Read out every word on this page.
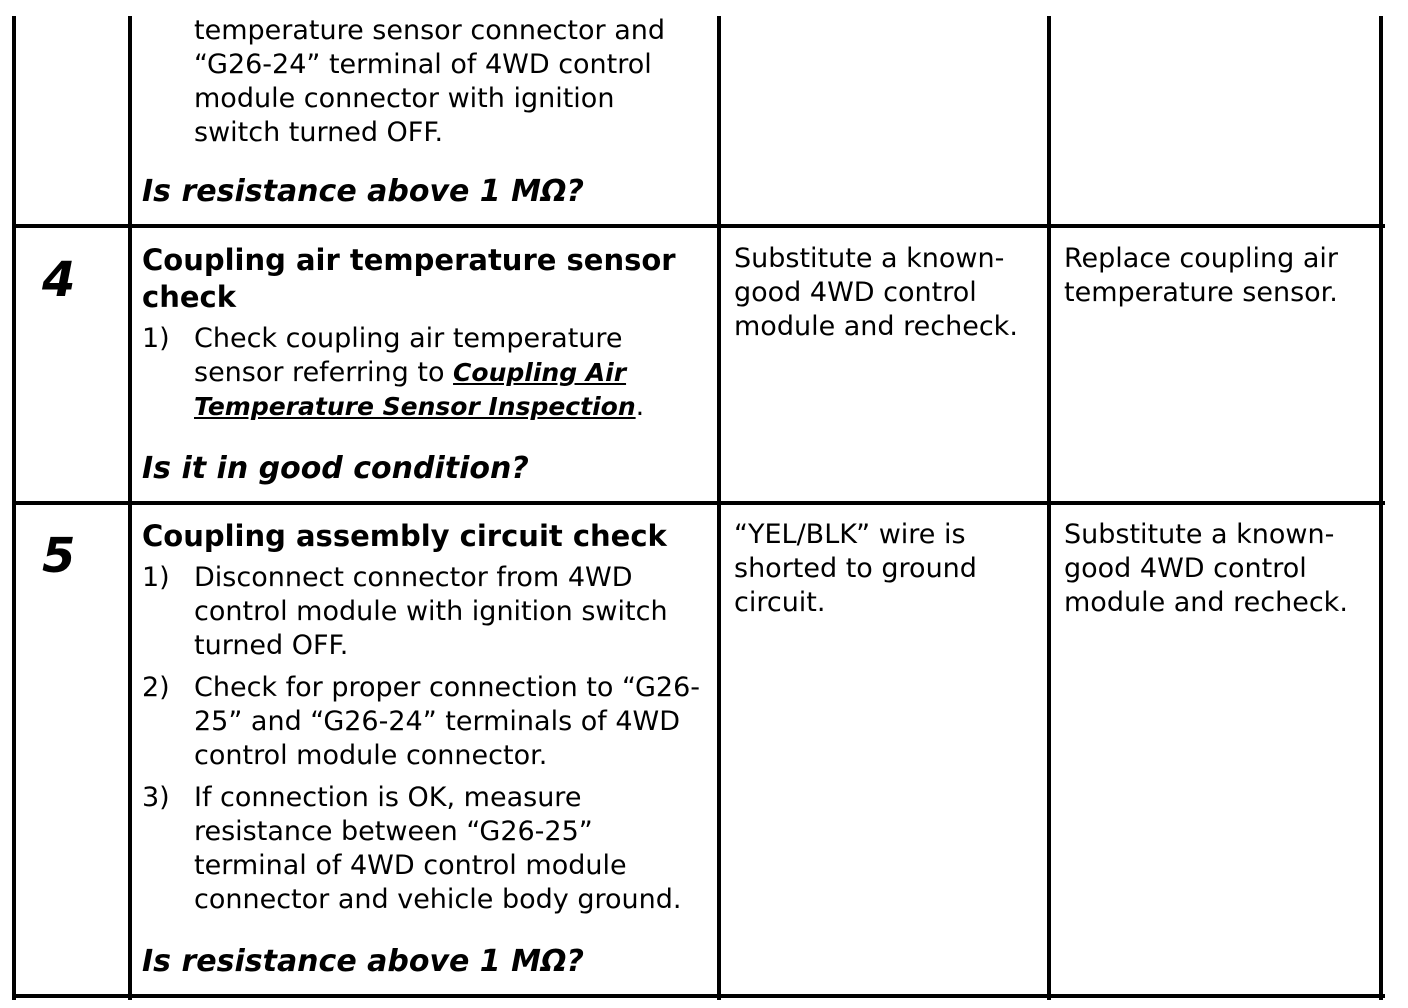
temperature sensor connector and “G26-24” terminal of 4WD control module connector with ignition switch turned OFF.
Is resistance above 1 MΩ?
4 Coupling air temperature sensor check
1) Check coupling air temperature sensor referring to Coupling Air Temperature Sensor Inspection.
Is it in good condition?
Substitute a known-good 4WD control module and recheck.
Replace coupling air temperature sensor.
5 Coupling assembly circuit check
1) Disconnect connector from 4WD control module with ignition switch turned OFF.
2) Check for proper connection to “G26-25” and “G26-24” terminals of 4WD control module connector.
3) If connection is OK, measure resistance between “G26-25” terminal of 4WD control module connector and vehicle body ground.
Is resistance above 1 MΩ?
“YEL/BLK” wire is shorted to ground circuit.
Substitute a known-good 4WD control module and recheck.
